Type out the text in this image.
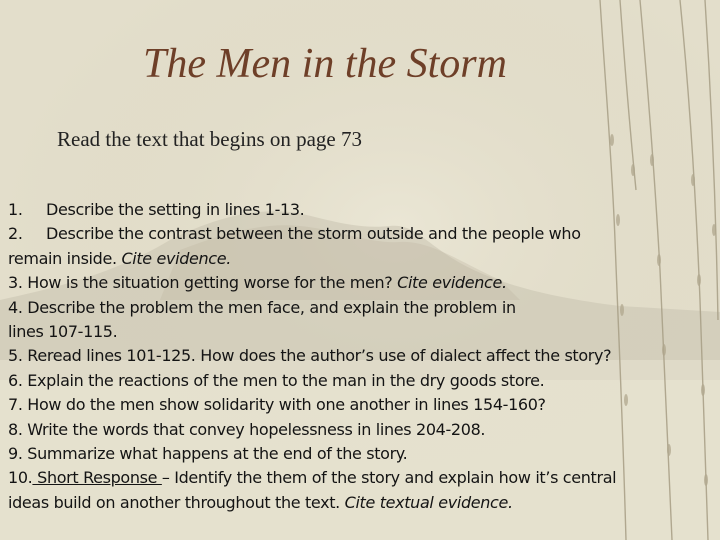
The Men in the Storm
Read the text that begins on page 73
1. Describe the setting in lines 1-13.
2. Describe the contrast between the storm outside and the people who
remain inside. Cite evidence.
3. How is the situation getting worse for the men? Cite evidence.
4. Describe the problem the men face, and explain the problem in
lines 107-115.
5. Reread lines 101-125. How does the author’s use of dialect affect the story?
6. Explain the reactions of the men to the man in the dry goods store.
7. How do the men show solidarity with one another in lines 154-160?
8. Write the words that convey hopelessness in lines 204-208.
9. Summarize what happens at the end of the story.
10. Short Response – Identify the them of the story and explain how it’s central
ideas build on another throughout the text. Cite textual evidence.
